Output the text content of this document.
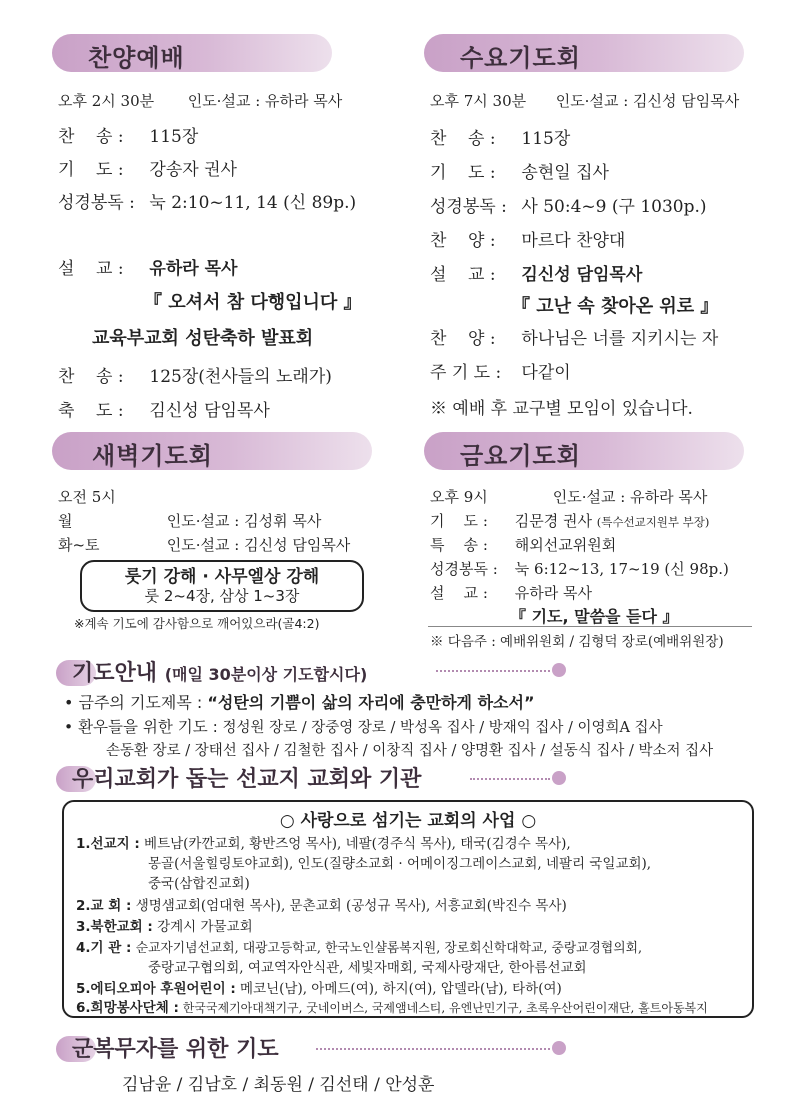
찬양예배
오후 2시 30분 인도·설교 : 유하라 목사
찬    송 : 115장
기    도 : 강송자 권사
성경봉독 : 눅 2:10~11, 14 (신 89p.)
설    교 : 유하라 목사
『 오셔서 참 다행입니다 』
교육부교회 성탄축하 발표회
찬    송 : 125장(천사들의 노래가)
축    도 : 김신성 담임목사
수요기도회
오후 7시 30분 인도·설교 : 김신성 담임목사
찬    송 : 115장
기    도 : 송현일 집사
성경봉독 : 사 50:4~9 (구 1030p.)
찬    양 : 마르다 찬양대
설    교 : 김신성 담임목사
『 고난 속 찾아온 위로 』
찬    양 : 하나님은 너를 지키시는 자
주 기 도 : 다같이
※ 예배 후 교구별 모임이 있습니다.
새벽기도회
오전 5시
월	인도·설교 : 김성휘 목사
화~토	인도·설교 : 김신성 담임목사
룻기 강해 · 사무엘상 강해
룻 2~4장, 삼상 1~3장
※계속 기도에 감사함으로 깨어있으라(골4:2)
금요기도회
오후 9시	인도·설교 : 유하라 목사
기    도 : 김문경 권사 (특수선교지원부 부장)
특    송 : 해외선교위원회
성경봉독 : 눅 6:12~13, 17~19 (신 98p.)
설    교 : 유하라 목사
『 기도, 말씀을 듣다 』
※ 다음주 : 예배위원회 / 김형덕 장로(예배위원장)
기도안내 (매일 30분이상 기도합시다)
• 금주의 기도제목 : “성탄의 기쁨이 삶의 자리에 충만하게 하소서”
• 환우들을 위한 기도 : 정성원 장로 / 장중영 장로 / 박성옥 집사 / 방재익 집사 / 이영희A 집사
손동환 장로 / 장태선 집사 / 김철한 집사 / 이창직 집사 / 양명환 집사 / 설동식 집사 / 박소저 집사
우리교회가 돕는 선교지 교회와 기관
○ 사랑으로 섬기는 교회의 사업 ○
1.선교지 : 베트남(카깐교회, 황반즈엉 목사), 네팔(경주식 목사), 태국(김경수 목사),
몽골(서울힐링토야교회), 인도(질량소교회 · 어메이징그레이스교회, 네팔리 국일교회),
중국(삼합진교회)
2.교 회 : 생명샘교회(엄대현 목사), 문촌교회 (공성규 목사), 서흥교회(박진수 목사)
3.북한교회 : 강계시 가물교회
4.기 관 : 순교자기념선교회, 대광고등학교, 한국노인샬롬복지원, 장로회신학대학교, 중랑교경협의회,
중랑교구협의회, 여교역자안식관, 세빛자매회, 국제사랑재단, 한아름선교회
5.에티오피아 후원어린이 : 메코닌(남), 아메드(여), 하지(여), 압델라(남), 타하(여)
6.희망봉사단체 : 한국국제기아대책기구, 굿네이버스, 국제앰네스티, 유엔난민기구, 초록우산어린이재단, 홀트아동복지
군복무자를 위한 기도
김남윤 / 김남호 / 최동원 / 김선태 / 안성훈
